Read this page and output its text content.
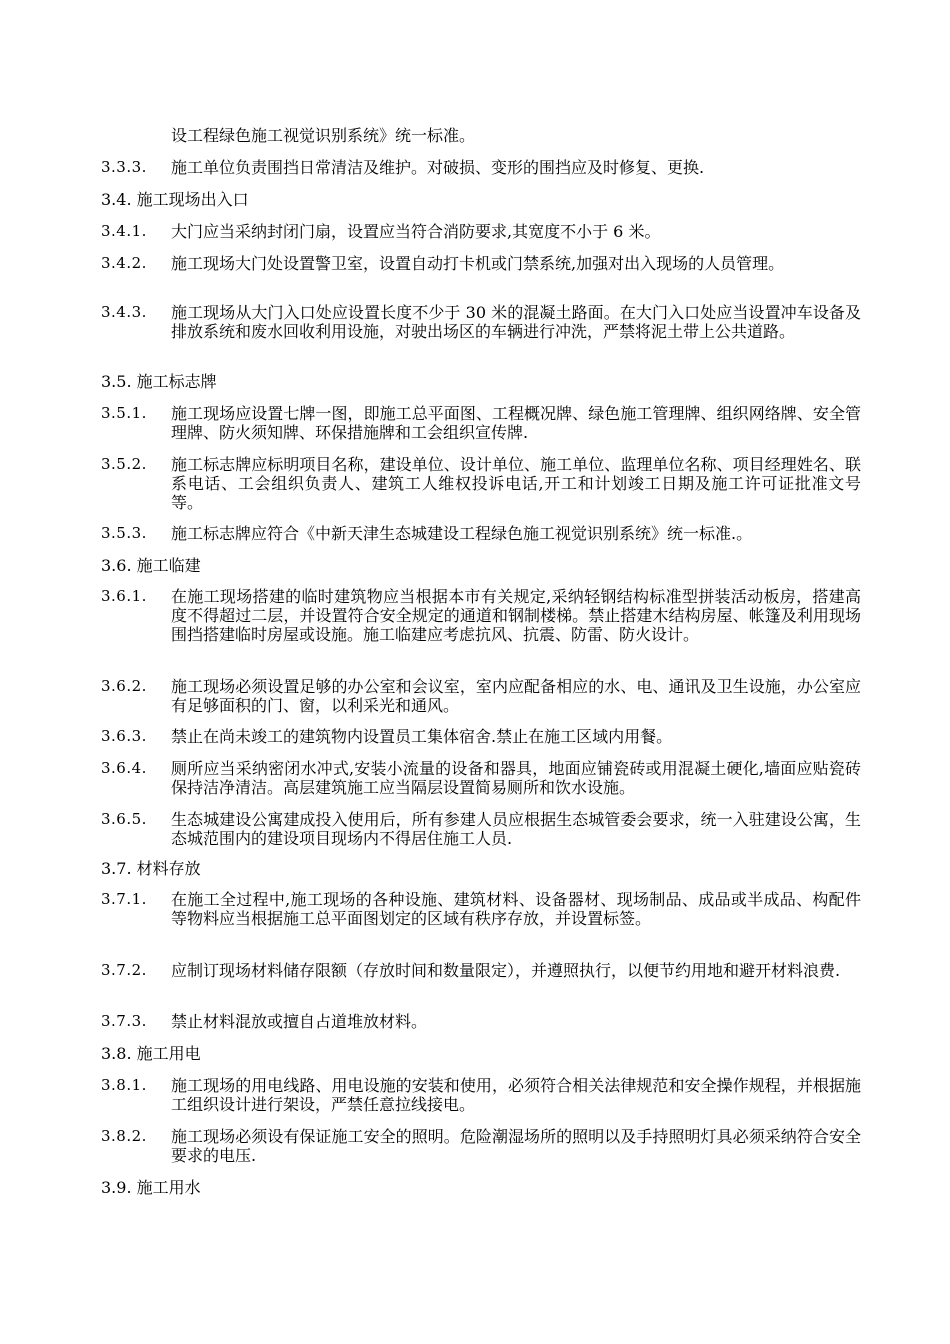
设工程绿色施工视觉识别系统》统一标准。
3.3.3. 施工单位负责围挡日常清洁及维护。对破损、变形的围挡应及时修复、更换.
3.4. 施工现场出入口
3.4.1. 大门应当采纳封闭门扇，设置应当符合消防要求,其宽度不小于 6 米。
3.4.2. 施工现场大门处设置警卫室，设置自动打卡机或门禁系统,加强对出入现场的人员管理。
3.4.3. 施工现场从大门入口处应设置长度不少于 30 米的混凝土路面。在大门入口处应当设置冲车设备及排放系统和废水回收利用设施，对驶出场区的车辆进行冲洗，严禁将泥土带上公共道路。
3.5. 施工标志牌
3.5.1. 施工现场应设置七牌一图，即施工总平面图、工程概况牌、绿色施工管理牌、组织网络牌、安全管理牌、防火须知牌、环保措施牌和工会组织宣传牌.
3.5.2. 施工标志牌应标明项目名称，建设单位、设计单位、施工单位、监理单位名称、项目经理姓名、联系电话、工会组织负责人、建筑工人维权投诉电话,开工和计划竣工日期及施工许可证批准文号等。
3.5.3. 施工标志牌应符合《中新天津生态城建设工程绿色施工视觉识别系统》统一标准.。
3.6. 施工临建
3.6.1. 在施工现场搭建的临时建筑物应当根据本市有关规定,采纳轻钢结构标准型拼装活动板房，搭建高度不得超过二层，并设置符合安全规定的通道和钢制楼梯。禁止搭建木结构房屋、帐篷及利用现场围挡搭建临时房屋或设施。施工临建应考虑抗风、抗震、防雷、防火设计。
3.6.2. 施工现场必须设置足够的办公室和会议室，室内应配备相应的水、电、通讯及卫生设施，办公室应有足够面积的门、窗，以利采光和通风。
3.6.3. 禁止在尚未竣工的建筑物内设置员工集体宿舍.禁止在施工区域内用餐。
3.6.4. 厕所应当采纳密闭水冲式,安装小流量的设备和器具，地面应铺瓷砖或用混凝土硬化,墙面应贴瓷砖保持洁净清洁。高层建筑施工应当隔层设置简易厕所和饮水设施。
3.6.5. 生态城建设公寓建成投入使用后，所有参建人员应根据生态城管委会要求，统一入驻建设公寓，生态城范围内的建设项目现场内不得居住施工人员.
3.7. 材料存放
3.7.1. 在施工全过程中,施工现场的各种设施、建筑材料、设备器材、现场制品、成品或半成品、构配件等物料应当根据施工总平面图划定的区域有秩序存放，并设置标签。
3.7.2. 应制订现场材料储存限额（存放时间和数量限定），并遵照执行，以便节约用地和避开材料浪费.
3.7.3. 禁止材料混放或擅自占道堆放材料。
3.8. 施工用电
3.8.1. 施工现场的用电线路、用电设施的安装和使用，必须符合相关法律规范和安全操作规程，并根据施工组织设计进行架设，严禁任意拉线接电。
3.8.2. 施工现场必须设有保证施工安全的照明。危险潮湿场所的照明以及手持照明灯具必须采纳符合安全要求的电压.
3.9. 施工用水
